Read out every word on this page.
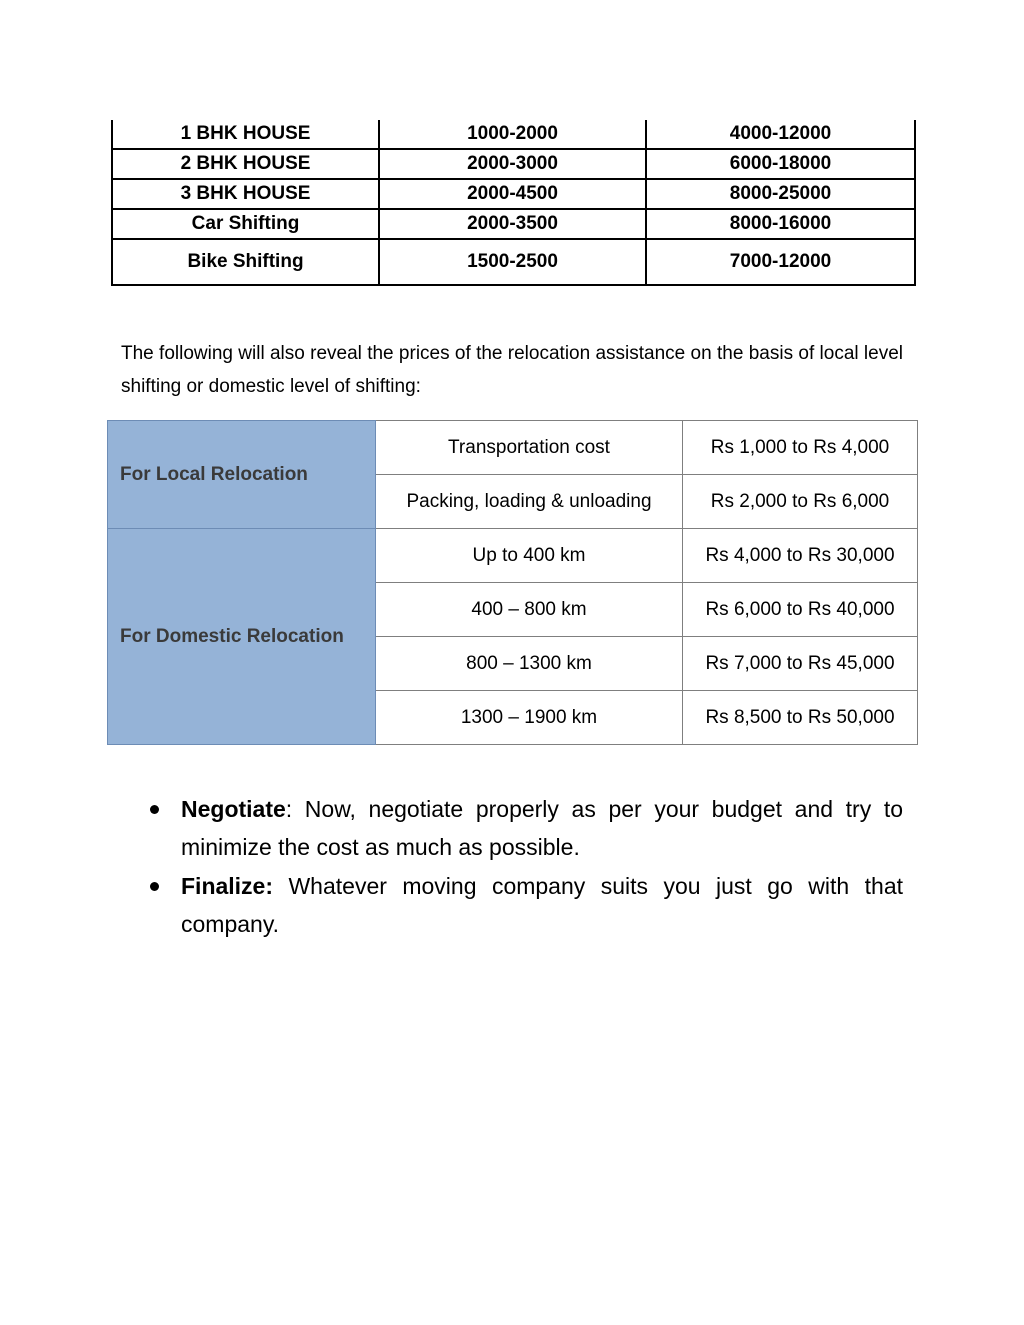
1 BHK HOUSE	1000-2000	4000-12000
2 BHK HOUSE	2000-3000	6000-18000
3 BHK HOUSE	2000-4500	8000-25000
Car Shifting	2000-3500	8000-16000
Bike Shifting	1500-2500	7000-12000

The following will also reveal the prices of the relocation assistance on the basis of local level shifting or domestic level of shifting:

For Local Relocation	Transportation cost	Rs 1,000 to Rs 4,000
	Packing, loading & unloading	Rs 2,000 to Rs 6,000
For Domestic Relocation	Up to 400 km	Rs 4,000 to Rs 30,000
	400 – 800 km	Rs 6,000 to Rs 40,000
	800 – 1300 km	Rs 7,000 to Rs 45,000
	1300 – 1900 km	Rs 8,500 to Rs 50,000
Negotiate: Now, negotiate properly as per your budget and try to minimize the cost as much as possible.
Finalize: Whatever moving company suits you just go with that company.
